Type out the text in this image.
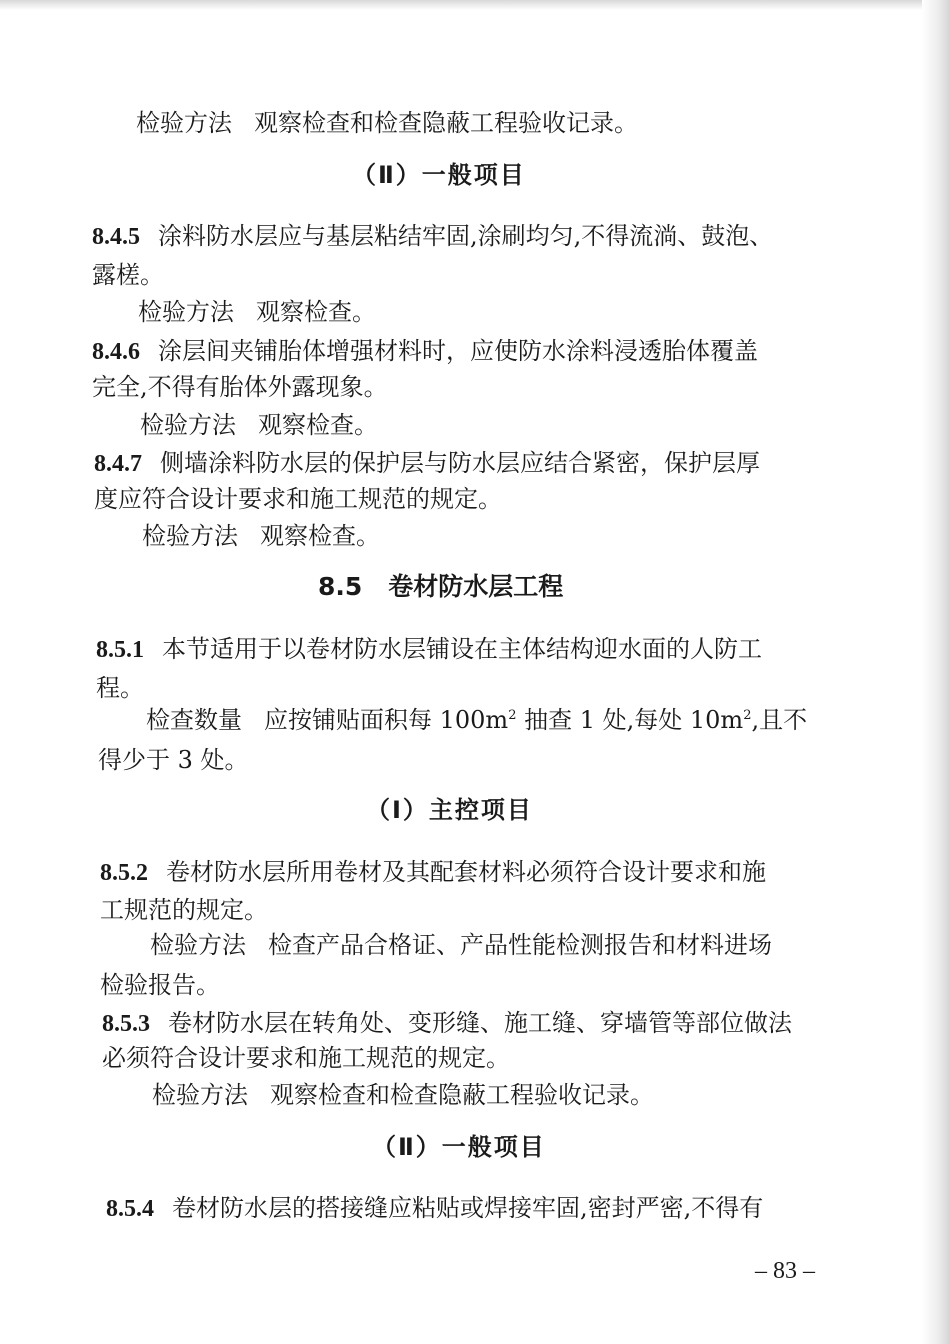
检验方法 观察检查和检查隐蔽工程验收记录。
（Ⅱ）一般项目
8.4.5 涂料防水层应与基层粘结牢固,涂刷均匀,不得流淌、鼓泡、
露槎。
检验方法 观察检查。
8.4.6 涂层间夹铺胎体增强材料时，应使防水涂料浸透胎体覆盖
完全,不得有胎体外露现象。
检验方法 观察检查。
8.4.7 侧墙涂料防水层的保护层与防水层应结合紧密，保护层厚
度应符合设计要求和施工规范的规定。
检验方法 观察检查。
8.5 卷材防水层工程
8.5.1 本节适用于以卷材防水层铺设在主体结构迎水面的人防工
程。
检查数量 应按铺贴面积每 $100m^2$ 抽查 1 处,每处 $10m^2$,且不
得少于 3 处。
（Ⅰ）主控项目
8.5.2 卷材防水层所用卷材及其配套材料必须符合设计要求和施
工规范的规定。
检验方法 检查产品合格证、产品性能检测报告和材料进场
检验报告。
8.5.3 卷材防水层在转角处、变形缝、施工缝、穿墙管等部位做法
必须符合设计要求和施工规范的规定。
检验方法 观察检查和检查隐蔽工程验收记录。
（Ⅱ）一般项目
8.5.4 卷材防水层的搭接缝应粘贴或焊接牢固,密封严密,不得有
– 83 –
